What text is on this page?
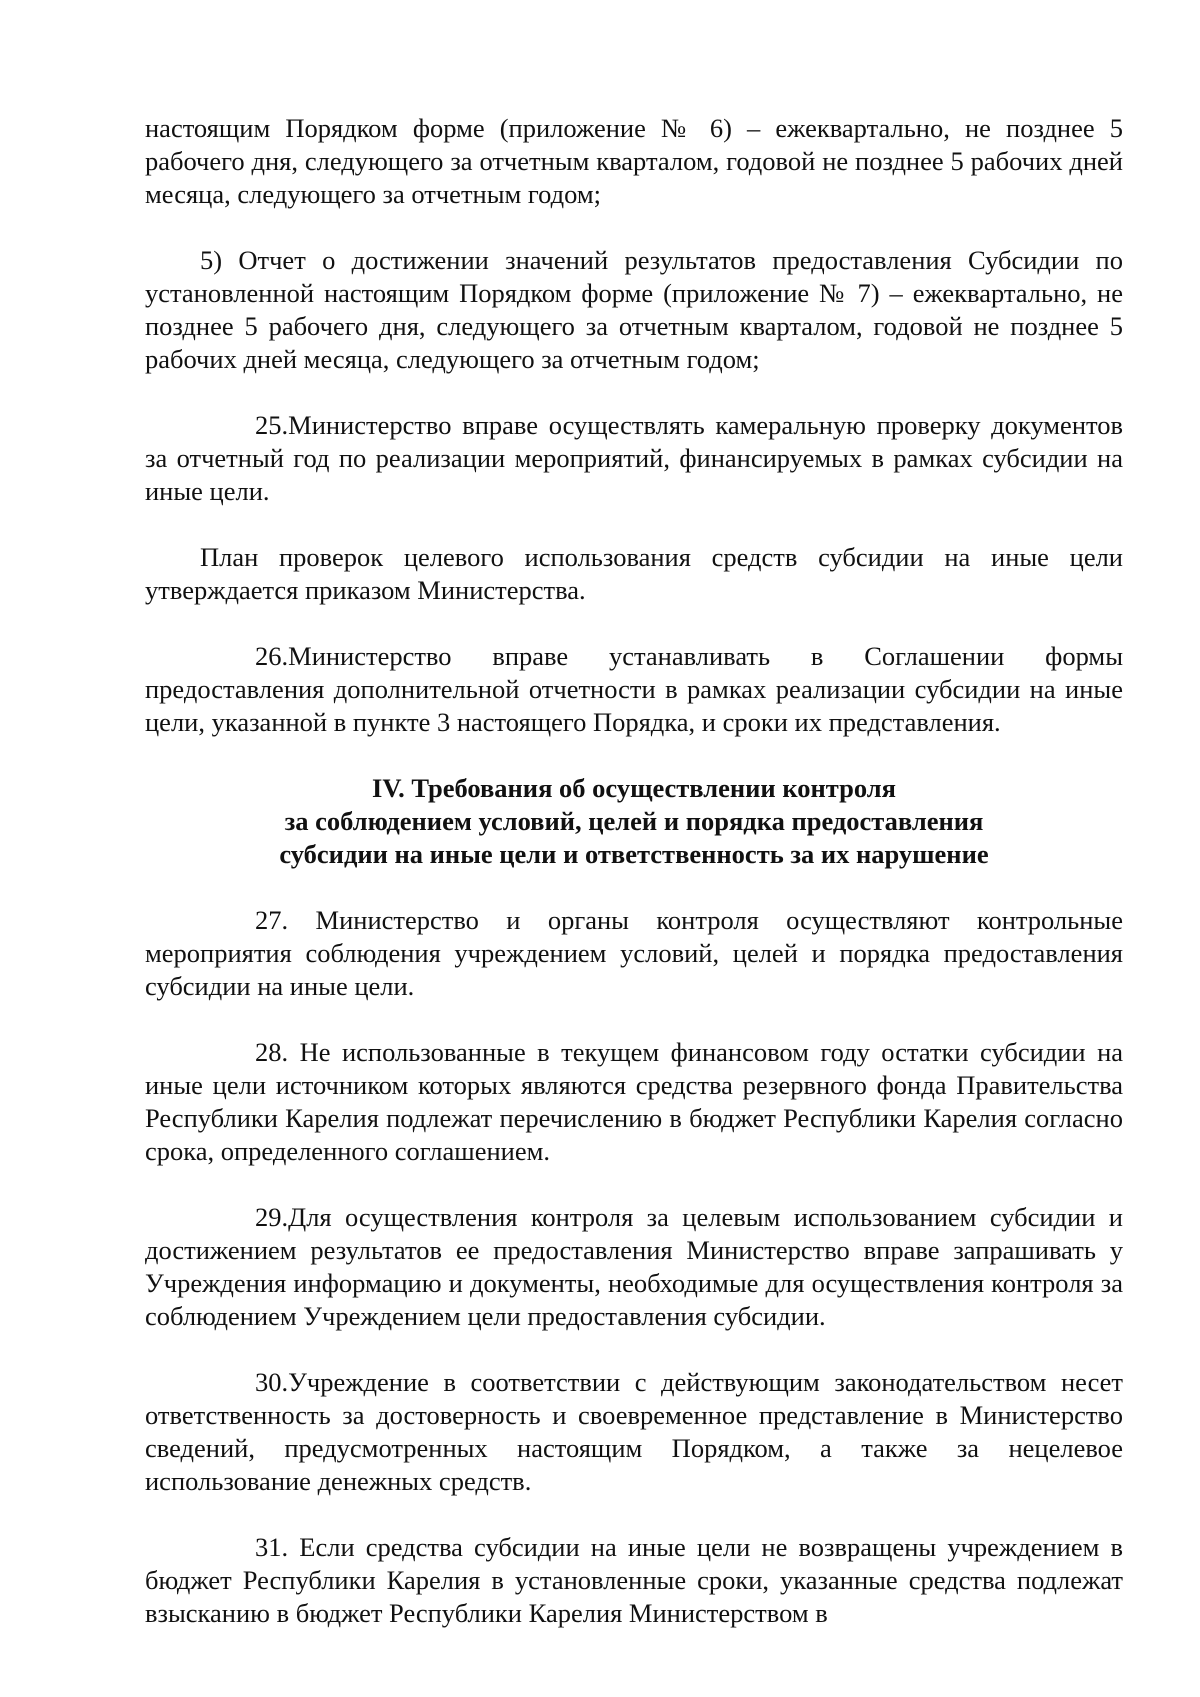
настоящим Порядком форме (приложение № 6) – ежеквартально, не позднее 5 рабочего дня, следующего за отчетным кварталом, годовой не позднее 5 рабочих дней месяца, следующего за отчетным годом;

5) Отчет о достижении значений результатов предоставления Субсидии по установленной настоящим Порядком форме (приложение № 7) – ежеквартально, не позднее 5 рабочего дня, следующего за отчетным кварталом, годовой не позднее 5 рабочих дней месяца, следующего за отчетным годом;

25.Министерство вправе осуществлять камеральную проверку документов за отчетный год по реализации мероприятий, финансируемых в рамках субсидии на иные цели.

План проверок целевого использования средств субсидии на иные цели утверждается приказом Министерства.

26.Министерство вправе устанавливать в Соглашении формы предоставления дополнительной отчетности в рамках реализации субсидии на иные цели, указанной в пункте 3 настоящего Порядка, и сроки их представления.

IV. Требования об осуществлении контроля
за соблюдением условий, целей и порядка предоставления
субсидии на иные цели и ответственность за их нарушение

27. Министерство и органы контроля осуществляют контрольные мероприятия соблюдения учреждением условий, целей и порядка предоставления субсидии на иные цели.

28. Не использованные в текущем финансовом году остатки субсидии на иные цели источником которых являются средства резервного фонда Правительства Республики Карелия подлежат перечислению в бюджет Республики Карелия согласно срока, определенного соглашением.

29.Для осуществления контроля за целевым использованием субсидии и достижением результатов ее предоставления Министерство вправе запрашивать у Учреждения информацию и документы, необходимые для осуществления контроля за соблюдением Учреждением цели предоставления субсидии.

30.Учреждение в соответствии с действующим законодательством несет ответственность за достоверность и своевременное представление в Министерство сведений, предусмотренных настоящим Порядком, а также за нецелевое использование денежных средств.

31. Если средства субсидии на иные цели не возвращены учреждением в бюджет Республики Карелия в установленные сроки, указанные средства подлежат взысканию в бюджет Республики Карелия Министерством в
